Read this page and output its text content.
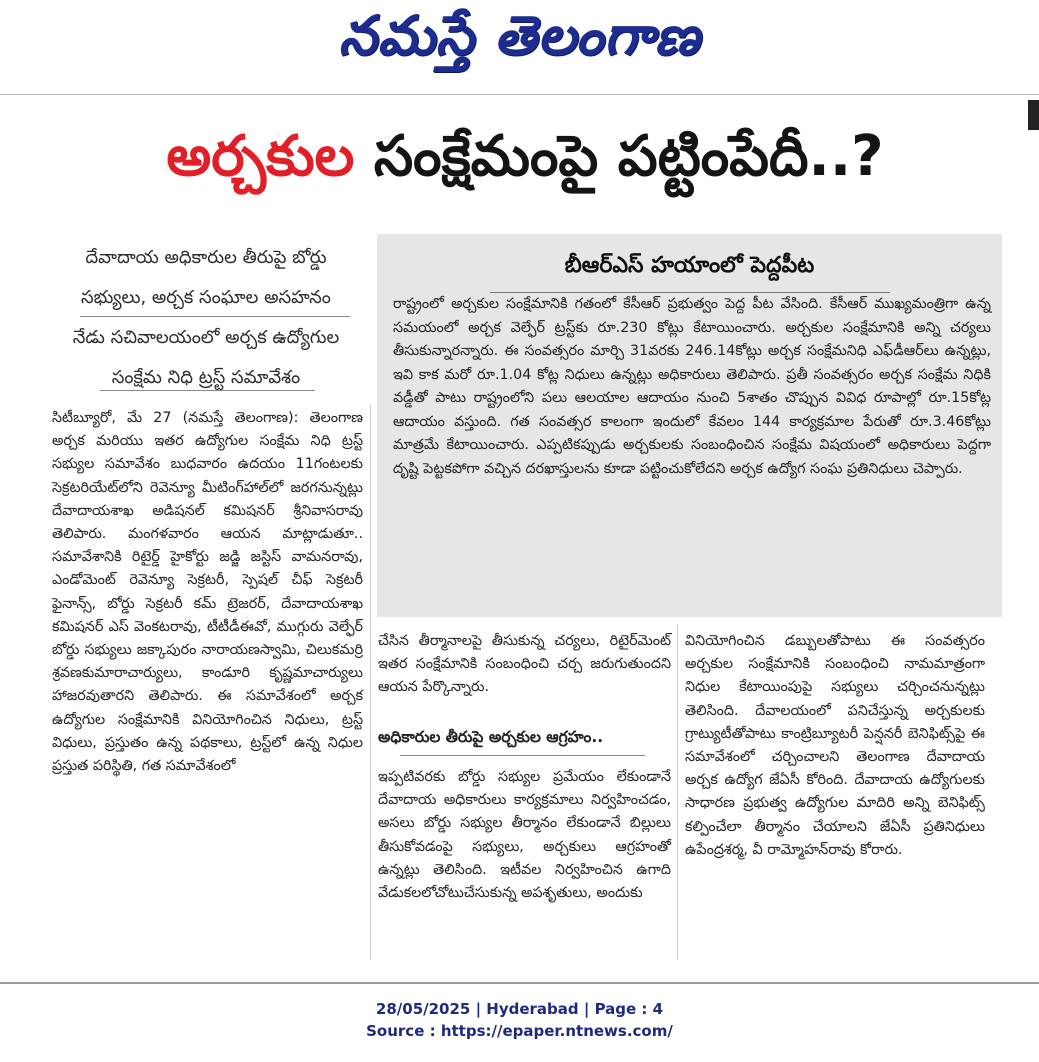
నమస్తే తెలంగాణ
అర్చకుల సంక్షేమంపై పట్టింపేదీ..?
దేవాదాయ అధికారుల తీరుపై బోర్డు
సభ్యులు, అర్చక సంఘాల అసహనం
నేడు సచివాలయంలో అర్చక ఉద్యోగుల
సంక్షేమ నిధి ట్రస్ట్ సమావేశం

సిటీబ్యూరో, మే 27 (నమస్తే తెలంగాణ): తెలంగాణ అర్చక మరియు ఇతర ఉద్యోగుల సంక్షేమ నిధి ట్రస్ట్ సభ్యుల సమావేశం బుధవారం ఉదయం 11గంటలకు సెక్రటరియేట్‌లోని రెవెన్యూ మీటింగ్‌హాల్‌లో జరగనున్నట్లు దేవాదాయశాఖ అడిషనల్ కమిషనర్ శ్రీనివాసరావు తెలిపారు. మంగళవారం ఆయన మాట్లాడుతూ.. సమావేశానికి రిటైర్డ్ హైకోర్టు జడ్జి జస్టిస్ వామనరావు, ఎండోమెంట్ రెవెన్యూ సెక్రటరీ, స్పెషల్ చీఫ్ సెక్రటరీ ఫైనాన్స్, బోర్డు సెక్రటరీ కమ్ ట్రెజరర్, దేవాదాయశాఖ కమిషనర్ ఎస్ వెంకటరావు, టీటీడీఈవో, ముగ్గురు వెల్ఫేర్ బోర్డు సభ్యులు జక్కాపురం నారాయణస్వామి, చిలుకమర్రి శ్రవణకుమారాచార్యులు, కాండూరి కృష్ణమాచార్యులు హాజరవుతారని తెలిపారు. ఈ సమావేశంలో అర్చక ఉద్యోగుల సంక్షేమానికి వినియోగించిన నిధులు, ట్రస్ట్ విధులు, ప్రస్తుతం ఉన్న పథకాలు, ట్రస్ట్‌లో ఉన్న నిధుల ప్రస్తుత పరిస్థితి, గత సమావేశంలో

బీఆర్ఎస్ హయాంలో పెద్దపీట

రాష్ట్రంలో అర్చకుల సంక్షేమానికి గతంలో కేసీఆర్ ప్రభుత్వం పెద్ద పీట వేసింది. కేసీఆర్ ముఖ్యమంత్రిగా ఉన్న సమయంలో అర్చక వెల్ఫేర్ ట్రస్ట్‌కు రూ.230 కోట్లు కేటాయించారు. అర్చకుల సంక్షేమానికి అన్ని చర్యలు తీసుకున్నారన్నారు. ఈ సంవత్సరం మార్చి 31వరకు 246.14కోట్లు అర్చక సంక్షేమనిధి ఎఫ్‌డీఆర్‌లు ఉన్నట్లు, ఇవి కాక మరో రూ.1.04 కోట్ల నిధులు ఉన్నట్లు అధికారులు తెలిపారు. ప్రతీ సంవత్సరం అర్చక సంక్షేమ నిధికి వడ్డీతో పాటు రాష్ట్రంలోని పలు ఆలయాల ఆదాయం నుంచి 5శాతం చొప్పున వివిధ రూపాల్లో రూ.15కోట్ల ఆదాయం వస్తుంది. గత సంవత్సర కాలంగా ఇందులో కేవలం 144 కార్యక్రమాల పేరుతో రూ.3.46కోట్లు మాత్రమే కేటాయించారు. ఎప్పటికప్పుడు అర్చకులకు సంబంధించిన సంక్షేమ విషయంలో అధికారులు పెద్దగా దృష్టి పెట్టకపోగా వచ్చిన దరఖాస్తులను కూడా పట్టించుకోలేదని అర్చక ఉద్యోగ సంఘ ప్రతినిధులు చెప్పారు.

చేసిన తీర్మానాలపై తీసుకున్న చర్యలు, రిటైర్‌మెంట్ ఇతర సంక్షేమానికి సంబంధించి చర్చ జరుగుతుందని ఆయన పేర్కొన్నారు.

అధికారుల తీరుపై అర్చకుల ఆగ్రహం..

ఇప్పటివరకు బోర్డు సభ్యుల ప్రమేయం లేకుండానే దేవాదాయ అధికారులు కార్యక్రమాలు నిర్వహించడం, అసలు బోర్డు సభ్యుల తీర్మానం లేకుండానే బిల్లులు తీసుకోవడంపై సభ్యులు, అర్చకులు ఆగ్రహంతో ఉన్నట్లు తెలిసింది. ఇటీవల నిర్వహించిన ఉగాది వేడుకలలోచోటుచేసుకున్న అపశృతులు, అందుకు

వినియోగించిన డబ్బులతోపాటు ఈ సంవత్సరం అర్చకుల సంక్షేమానికి సంబంధించి నామమాత్రంగా నిధుల కేటాయింపుపై సభ్యులు చర్చించనున్నట్లు తెలిసింది. దేవాలయంలో పనిచేస్తున్న అర్చకులకు గ్రాట్యుటీతోపాటు కాంట్రిబ్యూటరీ పెన్షనరీ బెనిఫిట్స్‌పై ఈ సమావేశంలో చర్చించాలని తెలంగాణ దేవాదాయ అర్చక ఉద్యోగ జేఏసీ కోరింది. దేవాదాయ ఉద్యోగులకు సాధారణ ప్రభుత్వ ఉద్యోగుల మాదిరి అన్ని బెనిఫిట్స్ కల్పించేలా తీర్మానం చేయాలని జేఏసీ ప్రతినిధులు ఉపేంద్రశర్మ, వీ రామ్మోహన్‌రావు కోరారు.

28/05/2025 | Hyderabad | Page : 4
Source : https://epaper.ntnews.com/
